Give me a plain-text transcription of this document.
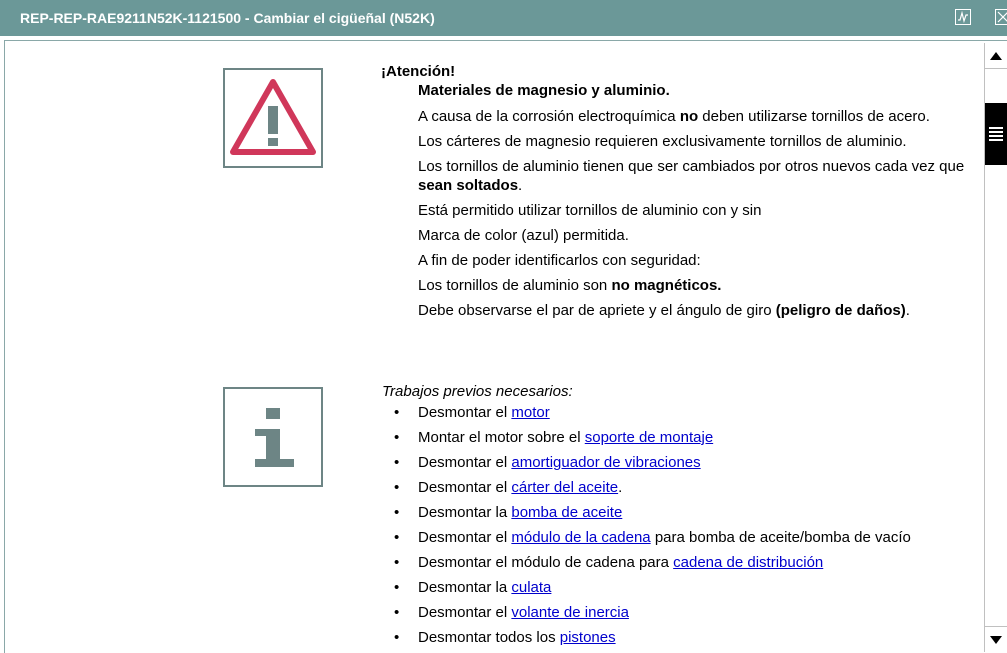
REP-REP-RAE9211N52K-1121500 - Cambiar el cigüeñal (N52K)
¡Atención!

Materiales de magnesio y aluminio.

A causa de la corrosión electroquímica no deben utilizarse tornillos de acero.

Los cárteres de magnesio requieren exclusivamente tornillos de aluminio.

Los tornillos de aluminio tienen que ser cambiados por otros nuevos cada vez que sean soltados.

Está permitido utilizar tornillos de aluminio con y sin

Marca de color (azul) permitida.

A fin de poder identificarlos con seguridad:

Los tornillos de aluminio son no magnéticos.

Debe observarse el par de apriete y el ángulo de giro (peligro de daños).

Trabajos previos necesarios:
• Desmontar el motor
• Montar el motor sobre el soporte de montaje
• Desmontar el amortiguador de vibraciones
• Desmontar el cárter del aceite.
• Desmontar la bomba de aceite
• Desmontar el módulo de la cadena para bomba de aceite/bomba de vacío
• Desmontar el módulo de cadena para cadena de distribución
• Desmontar la culata
• Desmontar el volante de inercia
• Desmontar todos los pistones
